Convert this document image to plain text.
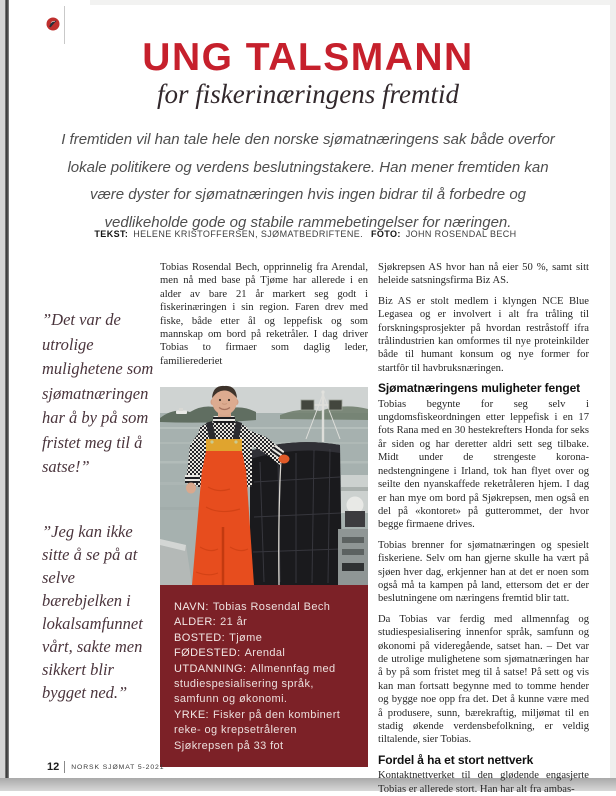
UNG TALSMANN
for fiskerinæringens fremtid
I fremtiden vil han tale hele den norske sjømatnæringens sak både overfor lokale politikere og verdens beslutningstakere. Han mener fremtiden kan være dyster for sjømatnæringen hvis ingen bidrar til å forbedre og vedlikeholde gode og stabile rammebetingelser for næringen.
TEKST: HELENE KRISTOFFERSEN, SJØMATBEDRIFTENE. FOTO: JOHN ROSENDAL BECH
”Det var de utrolige mulighetene som sjømatnæringen har å by på som fristet meg til å satse!”
”Jeg kan ikke sitte å se på at selve bærebjelken i lokalsamfunnet vårt, sakte men sikkert blir bygget ned.”
Tobias Rosendal Bech, opprinnelig fra Arendal, men nå med base på Tjøme har allerede i en alder av bare 21 år markert seg godt i fiskerinæringen i sin region. Faren drev med fiske, både etter ål og leppefisk og som mannskap om bord på reketråler. I dag driver Tobias to firmaer som daglig leder, familierederiet
NAVN: Tobias Rosendal Bech
ALDER: 21 år
BOSTED: Tjøme
FØDESTED: Arendal
UTDANNING: Allmennfag med studiespesialisering språk, samfunn og økonomi.
YRKE: Fisker på den kombinert reke- og krepsetråleren Sjøkrepsen på 33 fot

Sjøkrepsen AS hvor han nå eier 50 %, samt sitt heleide satsningsfirma Biz AS.

Biz AS er stolt medlem i klyngen NCE Blue Legasea og er involvert i alt fra tråling til forskningsprosjekter på hvordan restråstoff ifra trålindustrien kan omformes til nye proteinkilder både til humant konsum og nye former for startfôr til havbruksnæringen.

Sjømatnæringens muligheter fenget

Tobias begynte for seg selv i ungdomsfiskeordningen etter leppefisk i en 17 fots Rana med en 30 hestekrefters Honda for seks år siden og har deretter aldri sett seg tilbake. Midt under de strengeste korona-nedstengningene i Irland, tok han flyet over og seilte den nyanskaffede reketråleren hjem. I dag er han mye om bord på Sjøkrepsen, men også en del på «kontoret» på gutterommet, der hvor begge firmaene drives.

Tobias brenner for sjømatnæringen og spesielt fiskeriene. Selv om han gjerne skulle ha vært på sjøen hver dag, erkjenner han at det er noen som også må ta kampen på land, ettersom det er der beslutningene om næringens fremtid blir tatt.

Da Tobias var ferdig med allmennfag og studiespesialisering innenfor språk, samfunn og økonomi på videregående, satset han. – Det var de utrolige mulighetene som sjømatnæringen har å by på som fristet meg til å satse! På sett og vis kan man fortsatt begynne med to tomme hender og bygge noe opp fra det. Det å kunne være med å produsere, sunn, bærekraftig, miljømat til en stadig økende verdensbefolkning, er veldig tiltalende, sier Tobias.

Fordel å ha et stort nettverk

Kontaktnettverket til den glødende engasjerte Tobias er allerede stort. Han har alt fra ambas-

12 NORSK SJØMAT 5-2021
